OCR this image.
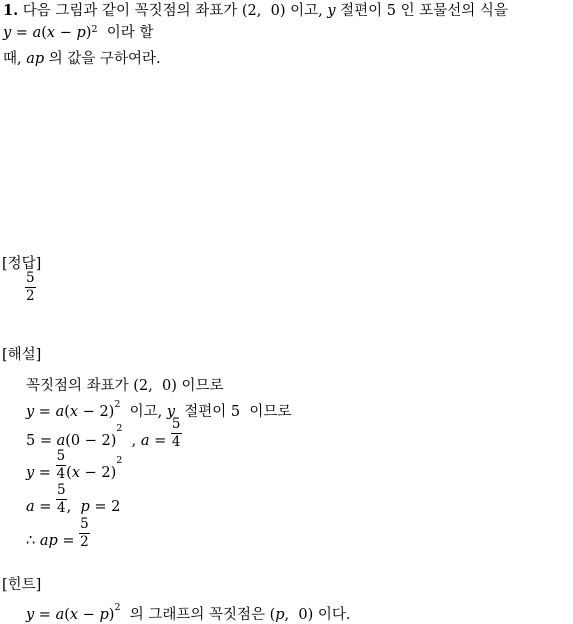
1. 다음 그림과 같이 꼭짓점의 좌표가 (2,  0) 이고, y 절편이 5 인 포물선의 식을
$y = a(x - p)^2$  이라 할
때, ap 의 값을 구하여라.
[정답]
$\frac{5}{2}$
[해설]
꼭짓점의 좌표가 (2,  0) 이므로
$y = a(x - 2)^2$  이고, y  절편이 5  이므로
$5 = a(0 - 2)^2$  , $a = \frac{5}{4}$
$y = \frac{5}{4} (x - 2)^2$
$a = \frac{5}{4}$ ,  p = 2
∴ ap = $\frac{5}{2}$
[힌트]
$y = a(x - p)^2$  의 그래프의 꼭짓점은 (p,  0) 이다.
